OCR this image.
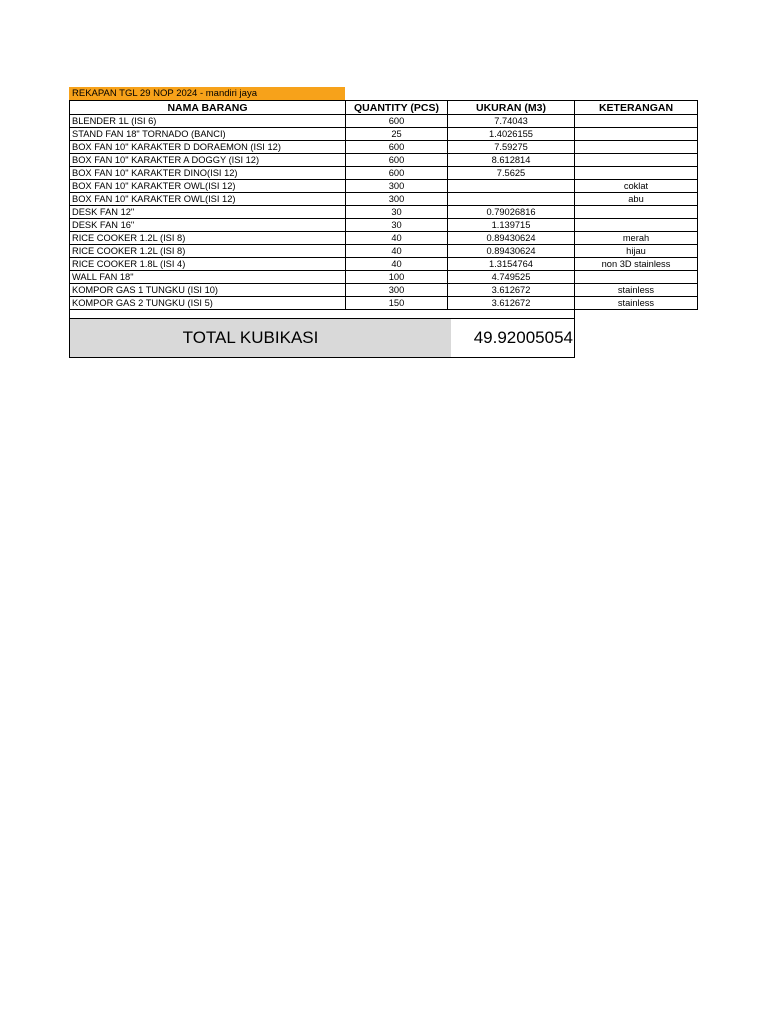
REKAPAN TGL 29 NOP 2024 - mandiri jaya
NAMA BARANG	QUANTITY (PCS)	UKURAN (M3)	KETERANGAN
BLENDER 1L (ISI 6)	600	7.74043	
STAND FAN 18" TORNADO (BANCI)	25	1.4026155	
BOX FAN 10" KARAKTER D DORAEMON (ISI 12)	600	7.59275	
BOX FAN 10" KARAKTER A DOGGY (ISI 12)	600	8.612814	
BOX FAN 10" KARAKTER DINO(ISI 12)	600	7.5625	
BOX FAN 10" KARAKTER OWL(ISI 12)	300		coklat
BOX FAN 10" KARAKTER OWL(ISI 12)	300		abu
DESK FAN 12"	30	0.79026816	
DESK FAN 16"	30	1.139715	
RICE COOKER 1.2L (ISI 8)	40	0.89430624	merah
RICE COOKER 1.2L (ISI 8)	40	0.89430624	hijau
RICE COOKER 1.8L (ISI 4)	40	1.3154764	non 3D stainless
WALL FAN 18"	100	4.749525	
KOMPOR GAS 1 TUNGKU (ISI 10)	300	3.612672	stainless
KOMPOR GAS 2 TUNGKU (ISI 5)	150	3.612672	stainless
TOTAL KUBIKASI	49.92005054
